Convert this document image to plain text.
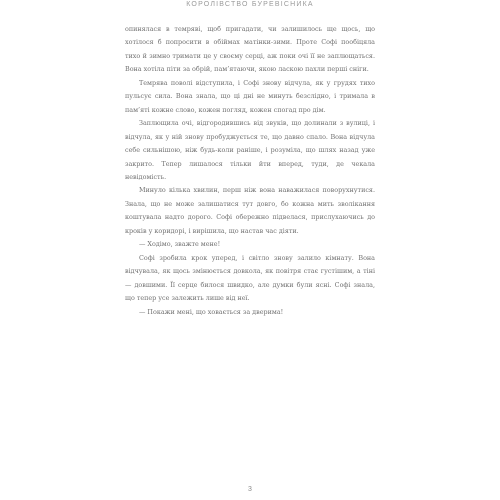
КОРОЛІВСТВО БУРЕВІСНИКА

опинялася в темряві, щоб пригадати, чи залишилось ще щось, що хотілося б попросити в обіймах матінки-зими. Проте Софі пообіцяла тихо й зимно тримати це у своєму серці, аж поки очі її не заплющаться. Вона хотіла піти за обрій, пам’ятаючи, якою ласкою пахли перші сніги.

Темрява поволі відступила, і Софі знову відчула, як у грудях тихо пульсує сила. Вона знала, що ці дні не минуть безслідно, і тримала в пам’яті кожне слово, кожен погляд, кожен спогад про дім.

Заплющила очі, відгородившись від звуків, що долинали з вулиці, і відчула, як у ній знову пробуджується те, що давно спало. Вона відчула себе сильнішою, ніж будь-коли раніше, і розуміла, що шлях назад уже закрито. Тепер лишалося тільки йти вперед, туди, де чекала невідомість.

Минуло кілька хвилин, перш ніж вона наважилася поворухнутися. Знала, що не може залишатися тут довго, бо кожна мить зволікання коштувала надто дорого. Софі обережно підвелася, прислухаючись до кроків у коридорі, і вирішила, що настав час діяти.

— Ходімо, зважте мене!

Софі зробила крок уперед, і світло знову залило кімнату. Вона відчувала, як щось змінюється довкола, як повітря стає густішим, а тіні — довшими. Її серце билося швидко, але думки були ясні. Софі знала, що тепер усе залежить лише від неї.

— Покажи мені, що ховається за дверима!

3
